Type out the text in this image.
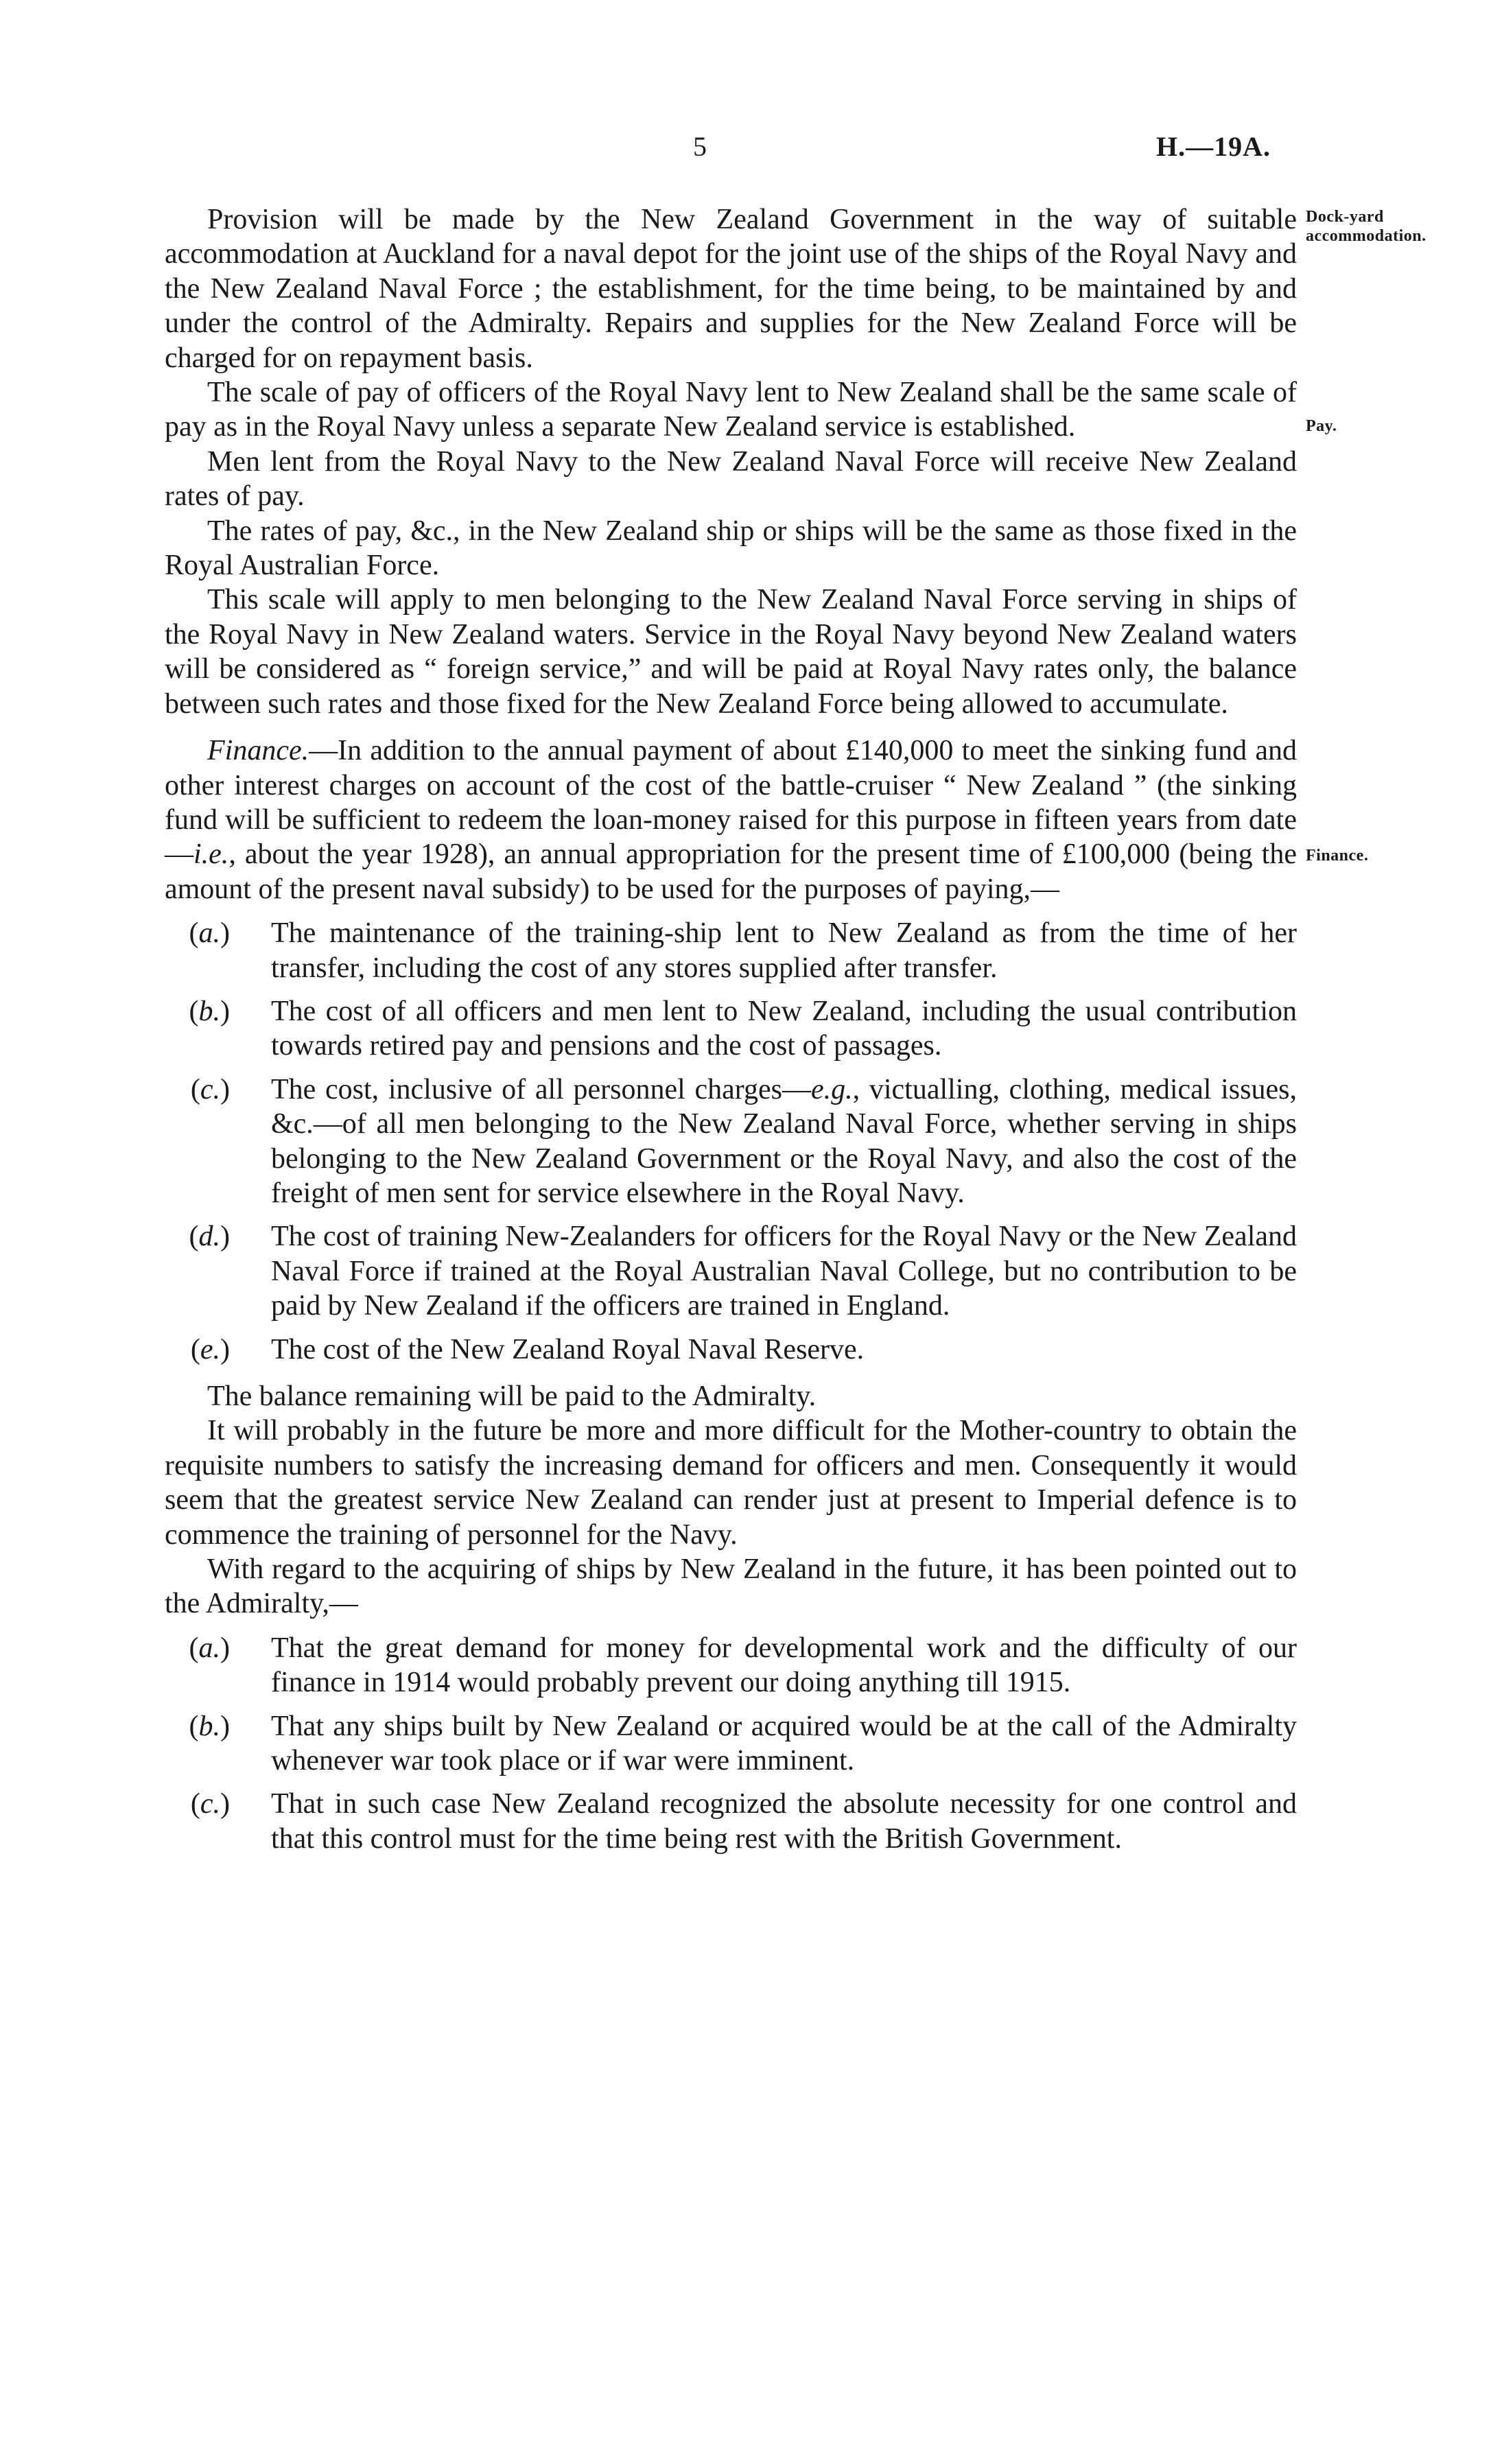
5	H.—19A.
Dock-yard
accommodation.
Pay.
Finance.

Provision will be made by the New Zealand Government in the way of suitable accommodation at Auckland for a naval depot for the joint use of the ships of the Royal Navy and the New Zealand Naval Force ; the establishment, for the time being, to be maintained by and under the control of the Admiralty. Repairs and supplies for the New Zealand Force will be charged for on repayment basis.

The scale of pay of officers of the Royal Navy lent to New Zealand shall be the same scale of pay as in the Royal Navy unless a separate New Zealand service is established.

Men lent from the Royal Navy to the New Zealand Naval Force will receive New Zealand rates of pay.

The rates of pay, &c., in the New Zealand ship or ships will be the same as those fixed in the Royal Australian Force.

This scale will apply to men belonging to the New Zealand Naval Force serving in ships of the Royal Navy in New Zealand waters. Service in the Royal Navy beyond New Zealand waters will be considered as “ foreign service,” and will be paid at Royal Navy rates only, the balance between such rates and those fixed for the New Zealand Force being allowed to accumulate.

Finance.—In addition to the annual payment of about £140,000 to meet the sinking fund and other interest charges on account of the cost of the battle-cruiser “ New Zealand ” (the sinking fund will be sufficient to redeem the loan-money raised for this purpose in fifteen years from date—i.e., about the year 1928), an annual appropriation for the present time of £100,000 (being the amount of the present naval subsidy) to be used for the purposes of paying,—

(a.) The maintenance of the training-ship lent to New Zealand as from the time of her transfer, including the cost of any stores supplied after transfer.
(b.) The cost of all officers and men lent to New Zealand, including the usual contribution towards retired pay and pensions and the cost of passages.
(c.) The cost, inclusive of all personnel charges—e.g., victualling, clothing, medical issues, &c.—of all men belonging to the New Zealand Naval Force, whether serving in ships belonging to the New Zealand Government or the Royal Navy, and also the cost of the freight of men sent for service elsewhere in the Royal Navy.
(d.) The cost of training New-Zealanders for officers for the Royal Navy or the New Zealand Naval Force if trained at the Royal Australian Naval College, but no contribution to be paid by New Zealand if the officers are trained in England.
(e.) The cost of the New Zealand Royal Naval Reserve.

The balance remaining will be paid to the Admiralty.

It will probably in the future be more and more difficult for the Mother-country to obtain the requisite numbers to satisfy the increasing demand for officers and men. Consequently it would seem that the greatest service New Zealand can render just at present to Imperial defence is to commence the training of personnel for the Navy.

With regard to the acquiring of ships by New Zealand in the future, it has been pointed out to the Admiralty,—

(a.) That the great demand for money for developmental work and the difficulty of our finance in 1914 would probably prevent our doing anything till 1915.
(b.) That any ships built by New Zealand or acquired would be at the call of the Admiralty whenever war took place or if war were imminent.
(c.) That in such case New Zealand recognized the absolute necessity for one control and that this control must for the time being rest with the British Government.
